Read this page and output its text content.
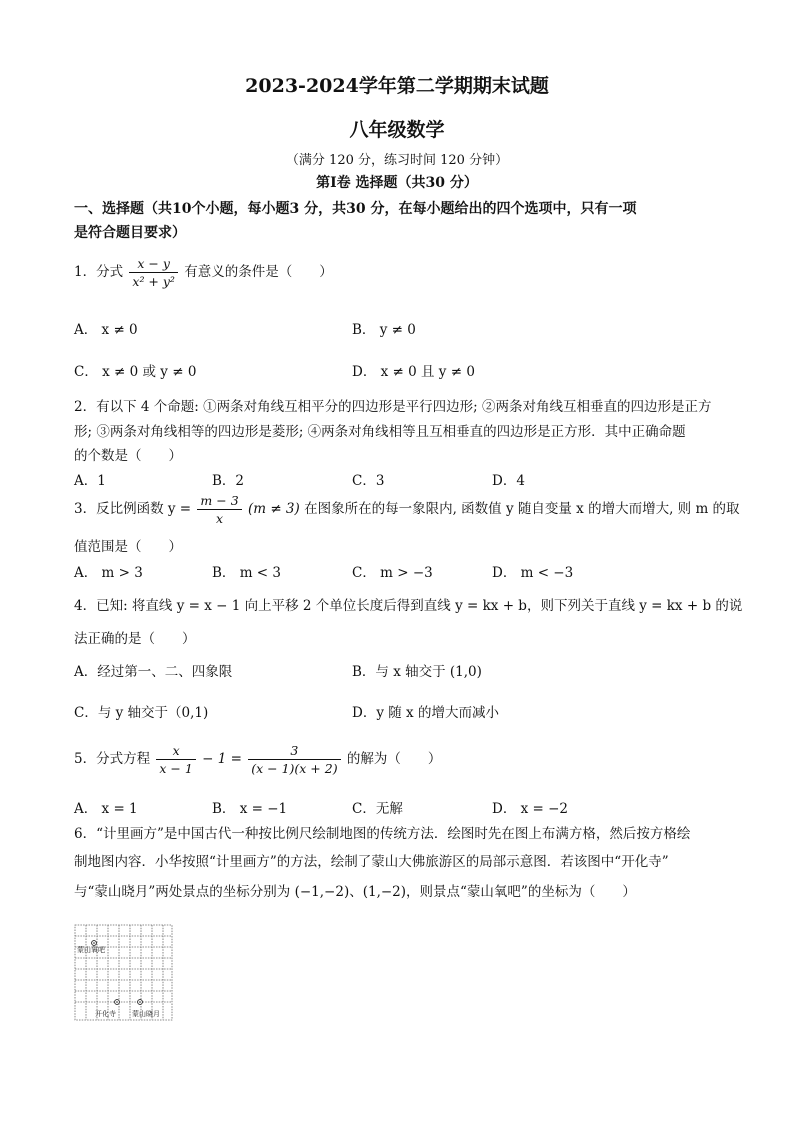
2023-2024学年第二学期期末试题
八年级数学
（满分 120 分，练习时间 120 分钟）
第Ⅰ卷 选择题（共30 分）
一、选择题（共10个小题，每小题3 分，共30 分，在每小题给出的四个选项中，只有一项
是符合题目要求）
1．分式 $\frac{x - y}{\text{x² + y²}}$ 有意义的条件是（　　）
A． x ≠ 0	B． y ≠ 0
C． x ≠ 0 或 y ≠ 0	D． x ≠ 0 且 y ≠ 0
2．有以下 4 个命题: ①两条对角线互相平分的四边形是平行四边形; ②两条对角线互相垂直的四边形是正方
形; ③两条对角线相等的四边形是菱形; ④两条对角线相等且互相垂直的四边形是正方形．其中正确命题
的个数是（　　）
A．1	B．2	C．3	D．4
3．反比例函数 $y = \frac{m - 3}{x} (m \ne 3)$ 在图象所在的每一象限内, 函数值 y 随自变量 x 的增大而增大, 则 m 的取
值范围是（　　）
A． m > 3	B． m < 3	C． m > −3	D． m < −3
4．已知: 将直线 y = x − 1 向上平移 2 个单位长度后得到直线 y = kx + b，则下列关于直线 y = kx + b 的说
法正确的是（　　）
A．经过第一、二、四象限	B．与 x 轴交于 (1,0)
C．与 y 轴交于（0,1)	D．y 随 x 的增大而减小
5．分式方程 $\frac{x}{x - 1} - 1 = \frac{3}{(x - 1)(x + 2)}$ 的解为（　　）
A． x = 1	B． x = −1	C．无解	D． x = −2
6．“计里画方”是中国古代一种按比例尺绘制地图的传统方法．绘图时先在图上布满方格，然后按方格绘
制地图内容．小华按照“计里画方”的方法，绘制了蒙山大佛旅游区的局部示意图．若该图中“开化寺”
与“蒙山晓月”两处景点的坐标分别为 (−1,−2)、(1,−2)，则景点“蒙山氧吧”的坐标为（　　）
蒙山氧吧
开化寺 蒙山晓月
